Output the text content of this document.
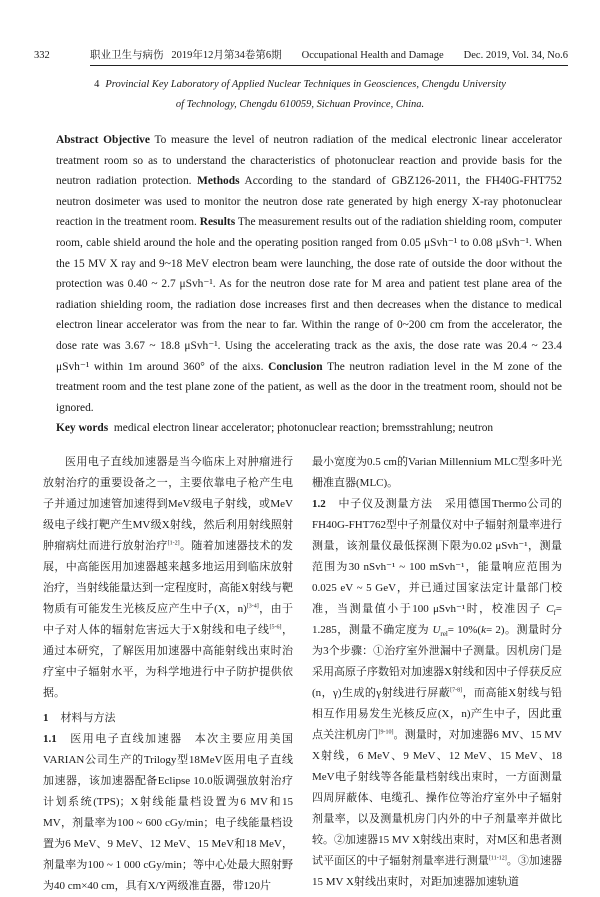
332	职业卫生与病伤 2019年12月第34卷第6期 Occupational Health and Damage Dec. 2019, Vol. 34, No.6
4 Provincial Key Laboratory of Applied Nuclear Techniques in Geosciences, Chengdu University
of Technology, Chengdu 610059, Sichuan Province, China.

Abstract Objective To measure the level of neutron radiation of the medical electronic linear accelerator treatment room so as to understand the characteristics of photonuclear reaction and provide basis for the neutron radiation protection. Methods According to the standard of GBZ126-2011, the FH40G-FHT752 neutron dosimeter was used to monitor the neutron dose rate generated by high energy X-ray photonuclear reaction in the treatment room. Results The measurement results out of the radiation shielding room, computer room, cable shield around the hole and the operating position ranged from 0.05 μSvh⁻¹ to 0.08 μSvh⁻¹. When the 15 MV X ray and 9~18 MeV electron beam were launching, the dose rate of outside the door without the protection was 0.40 ~ 2.7 μSvh⁻¹. As for the neutron dose rate for M area and patient test plane area of the radiation shielding room, the radiation dose increases first and then decreases when the distance to medical electron linear accelerator was from the near to far. Within the range of 0~200 cm from the accelerator, the dose rate was 3.67 ~ 18.8 μSvh⁻¹. Using the accelerating track as the axis, the dose rate was 20.4 ~ 23.4 μSvh⁻¹ within 1m around 360° of the aixs. Conclusion The neutron radiation level in the M zone of the treatment room and the test plane zone of the patient, as well as the door in the treatment room, should not be ignored.

Key words medical electron linear accelerator; photonuclear reaction; bremsstrahlung; neutron

医用电子直线加速器是当今临床上对肿瘤进行放射治疗的重要设备之一，主要依靠电子枪产生电子并通过加速管加速得到MeV级电子射线，或MeV级电子线打靶产生MV级X射线，然后利用射线照射肿瘤病灶而进行放射治疗[1-2]。随着加速器技术的发展，中高能医用加速器越来越多地运用到临床放射治疗，当射线能量达到一定程度时，高能X射线与靶物质有可能发生光核反应产生中子(X，n)[3-4]，由于中子对人体的辐射危害远大于X射线和电子线[5-6]，通过本研究，了解医用加速器中高能射线出束时治疗室中子辐射水平，为科学地进行中子防护提供依据。

1 材料与方法

1.1 医用电子直线加速器 本次主要应用美国VARIAN公司生产的Trilogy型18MeV医用电子直线加速器，该加速器配备Eclipse 10.0版调强放射治疗计划系统(TPS)；X射线能量档设置为6 MV和15 MV，剂量率为100 ~ 600 cGy/min；电子线能量档设置为6 MeV、9 MeV、12 MeV、15 MeV和18 MeV，剂量率为100 ~ 1 000 cGy/min；等中心处最大照射野为40 cm×40 cm，具有X/Y两级准直器，带120片

最小宽度为0.5 cm的Varian Millennium MLC型多叶光栅准直器(MLC)。

1.2 中子仪及测量方法 采用德国Thermo公司的FH40G-FHT762型中子剂量仪对中子辐射剂量率进行测量，该剂量仪最低探测下限为0.02 μSvh⁻¹，测量范围为30 nSvh⁻¹ ~ 100 mSvh⁻¹，能量响应范围为0.025 eV ~ 5 GeV，并已通过国家法定计量部门校准，当测量值小于100 μSvh⁻¹时，校准因子 $C_f= 1.285$，测量不确定度为 $U_{rel}= 10\%(k= 2)$。测量时分为3个步骤：①治疗室外泄漏中子测量。因机房门是采用高原子序数铅对加速器X射线和因中子俘获反应(n，γ)生成的γ射线进行屏蔽[7-8]，而高能X射线与铅相互作用易发生光核反应(X，n)产生中子，因此重点关注机房门[9-10]。测量时，对加速器6 MV、15 MV X射线，6 MeV、9 MeV、12 MeV、15 MeV、18 MeV电子射线等各能量档射线出束时，一方面测量四周屏蔽体、电缆孔、操作位等治疗室外中子辐射剂量率，以及测量机房门内外的中子剂量率并做比较。②加速器15 MV X射线出束时，对M区和患者测试平面区的中子辐射剂量率进行测量[11-12]。③加速器15 MV X射线出束时，对距加速器加速轨道
